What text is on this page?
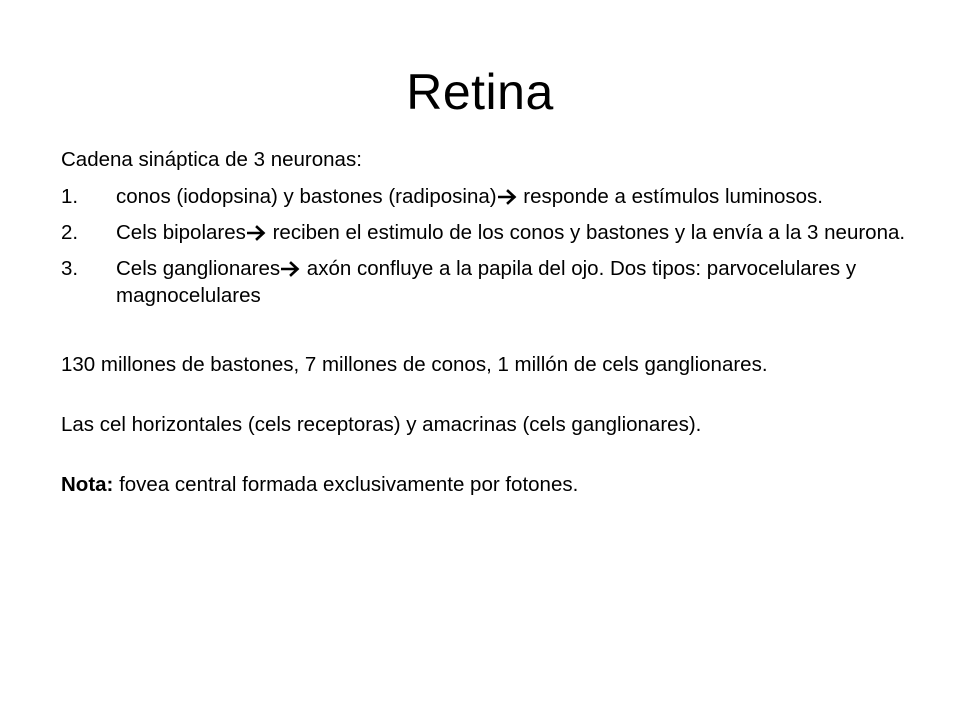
Retina

Cadena sináptica de 3 neuronas:

1.	conos (iodopsina) y bastones (radiposina) responde a estímulos luminosos.
2.	Cels bipolares reciben el estimulo de los conos y bastones y la envía a la 3 neurona.
3.	Cels ganglionares axón confluye a la papila del ojo. Dos tipos: parvocelulares y magnocelulares

130 millones de bastones, 7 millones de conos, 1 millón de cels ganglionares.

Las cel horizontales (cels receptoras) y amacrinas (cels ganglionares).

Nota: fovea central formada exclusivamente por fotones.
